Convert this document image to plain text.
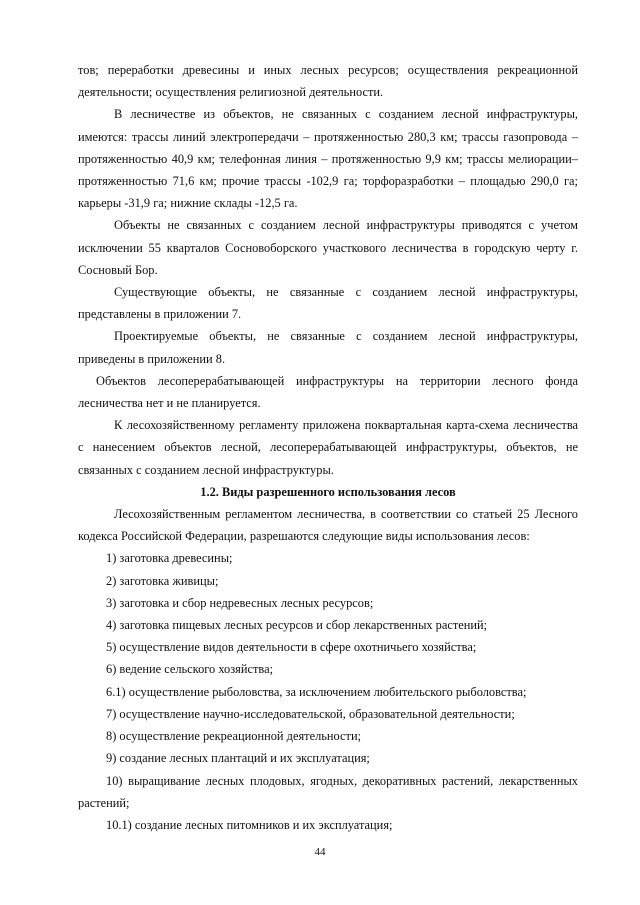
тов; переработки древесины и иных лесных ресурсов; осуществления рекреационной деятельности; осуществления религиозной деятельности.

В лесничестве из объектов, не связанных с созданием лесной инфраструктуры, имеются: трассы линий электропередачи – протяженностью 280,3 км; трассы газопровода – протяженностью 40,9 км; телефонная линия – протяженностью 9,9 км; трассы мелиорации– протяженностью 71,6 км; прочие трассы -102,9 га; торфоразработки – площадью 290,0 га; карьеры -31,9 га; нижние склады -12,5 га.

Объекты не связанных с созданием лесной инфраструктуры приводятся с учетом исключении 55 кварталов Сосновоборского участкового лесничества в городскую черту г. Сосновый Бор.

Существующие объекты, не связанные с созданием лесной инфраструктуры, представлены в приложении 7.

Проектируемые объекты, не связанные с созданием лесной инфраструктуры, приведены в приложении 8.

Объектов лесоперерабатывающей инфраструктуры на территории лесного фонда лесничества нет и не планируется.

К лесохозяйственному регламенту приложена поквартальная карта-схема лесничества с нанесением объектов лесной, лесоперерабатывающей инфраструктуры, объектов, не связанных с созданием лесной инфраструктуры.

1.2. Виды разрешенного использования лесов

Лесохозяйственным регламентом лесничества, в соответствии со статьей 25 Лесного кодекса Российской Федерации, разрешаются следующие виды использования лесов:

1) заготовка древесины;

2) заготовка живицы;

3) заготовка и сбор недревесных лесных ресурсов;

4) заготовка пищевых лесных ресурсов и сбор лекарственных растений;

5) осуществление видов деятельности в сфере охотничьего хозяйства;

6) ведение сельского хозяйства;

6.1) осуществление рыболовства, за исключением любительского рыболовства;

7) осуществление научно-исследовательской, образовательной деятельности;

8) осуществление рекреационной деятельности;

9) создание лесных плантаций и их эксплуатация;

10) выращивание лесных плодовых, ягодных, декоративных растений, лекарственных растений;

10.1) создание лесных питомников и их эксплуатация;

44
